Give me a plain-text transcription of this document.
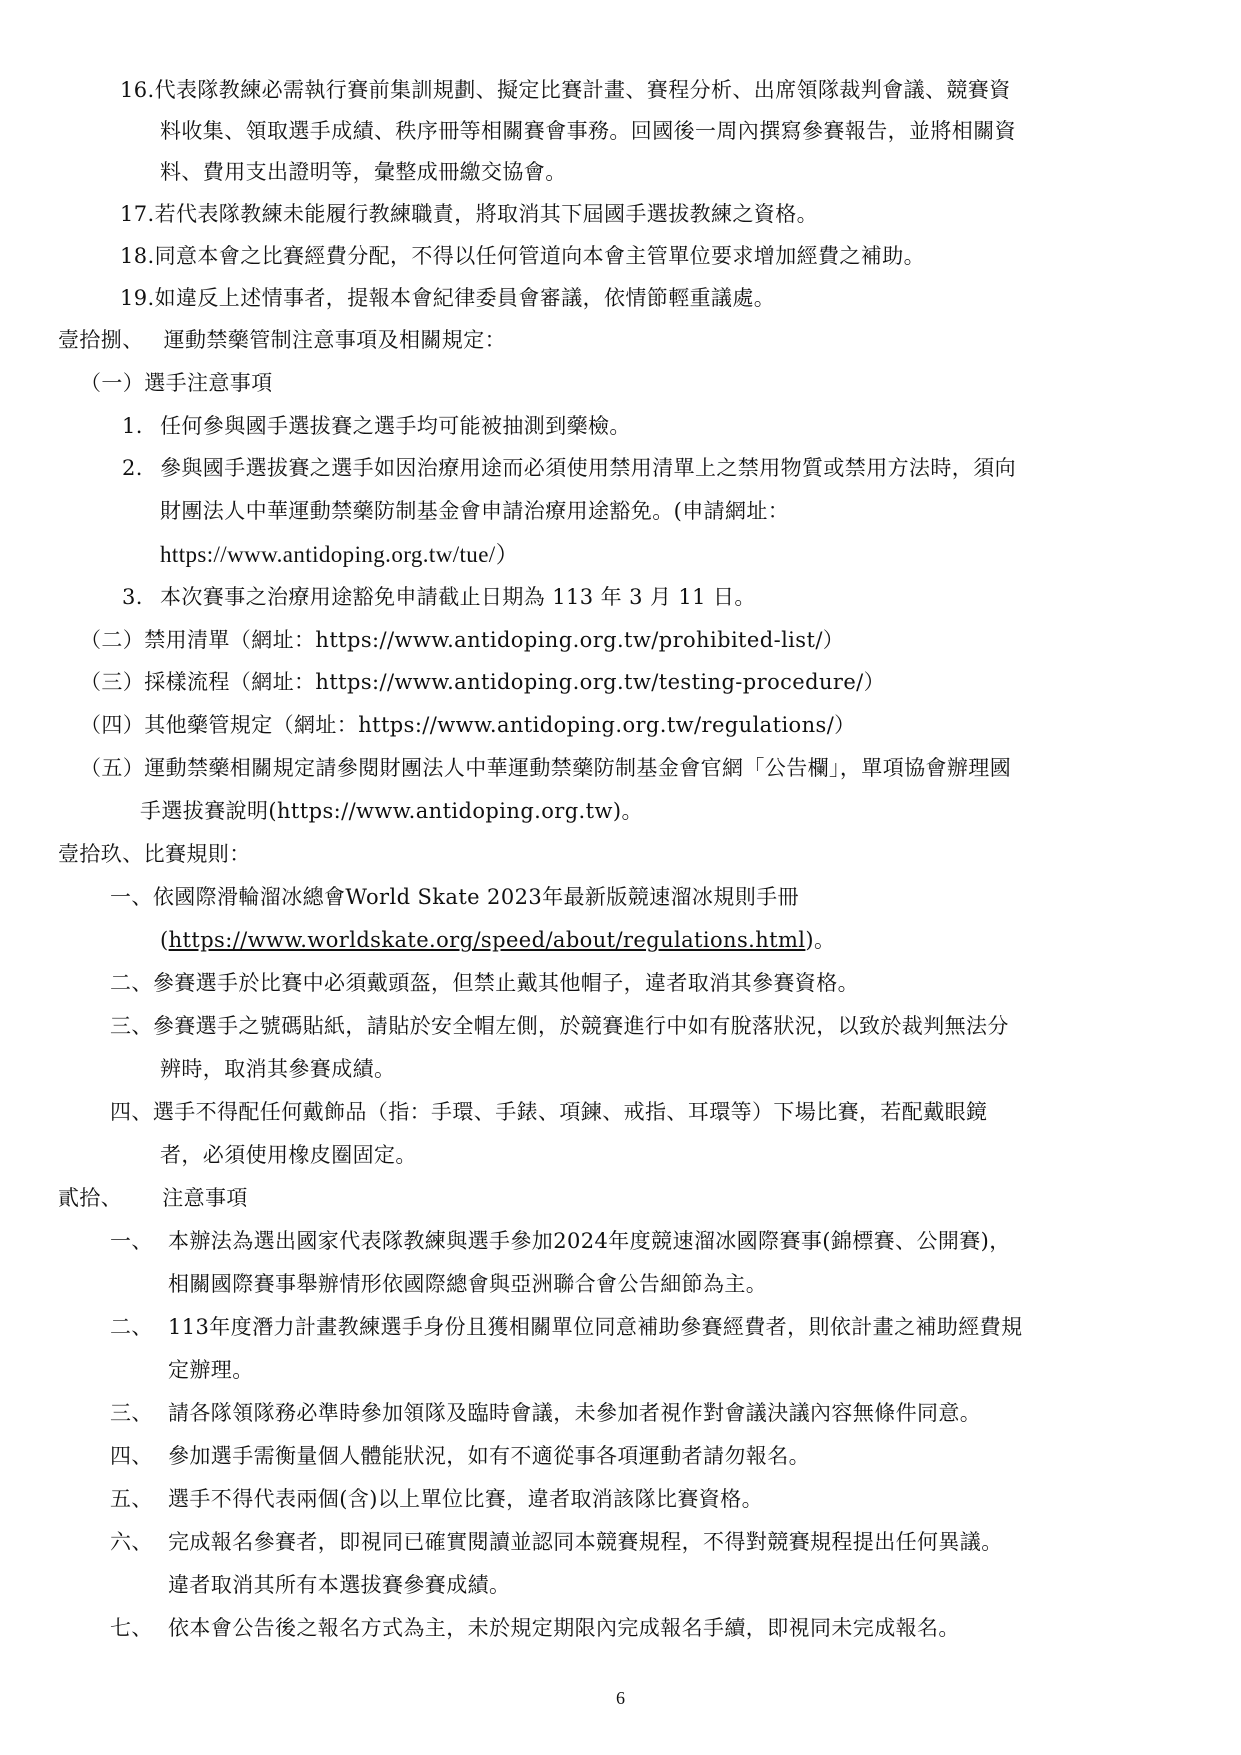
16.代表隊教練必需執行賽前集訓規劃、擬定比賽計畫、賽程分析、出席領隊裁判會議、競賽資
料收集、領取選手成績、秩序冊等相關賽會事務。回國後一周內撰寫參賽報告，並將相關資
料、費用支出證明等，彙整成冊繳交協會。
17.若代表隊教練未能履行教練職責，將取消其下屆國手選拔教練之資格。
18.同意本會之比賽經費分配，不得以任何管道向本會主管單位要求增加經費之補助。
19.如違反上述情事者，提報本會紀律委員會審議，依情節輕重議處。
壹拾捌、 運動禁藥管制注意事項及相關規定：
（一）選手注意事項
1. 任何參與國手選拔賽之選手均可能被抽測到藥檢。
2. 參與國手選拔賽之選手如因治療用途而必須使用禁用清單上之禁用物質或禁用方法時，須向
財團法人中華運動禁藥防制基金會申請治療用途豁免。(申請網址：
https://www.antidoping.org.tw/tue/）
3. 本次賽事之治療用途豁免申請截止日期為 113 年 3 月 11 日。
（二）禁用清單（網址：https://www.antidoping.org.tw/prohibited-list/）
（三）採樣流程（網址：https://www.antidoping.org.tw/testing-procedure/）
（四）其他藥管規定（網址：https://www.antidoping.org.tw/regulations/）
（五）運動禁藥相關規定請參閱財團法人中華運動禁藥防制基金會官網「公告欄」，單項協會辦理國
手選拔賽說明(https://www.antidoping.org.tw)。
壹拾玖、比賽規則：
一、依國際滑輪溜冰總會World Skate 2023年最新版競速溜冰規則手冊
(https://www.worldskate.org/speed/about/regulations.html)。
二、參賽選手於比賽中必須戴頭盔，但禁止戴其他帽子，違者取消其參賽資格。
三、參賽選手之號碼貼紙，請貼於安全帽左側，於競賽進行中如有脫落狀況，以致於裁判無法分
辨時，取消其參賽成績。
四、選手不得配任何戴飾品（指：手環、手錶、項鍊、戒指、耳環等）下場比賽，若配戴眼鏡
者，必須使用橡皮圈固定。
貳拾、 注意事項
一、 本辦法為選出國家代表隊教練與選手參加2024年度競速溜冰國際賽事(錦標賽、公開賽)，
相關國際賽事舉辦情形依國際總會與亞洲聯合會公告細節為主。
二、 113年度潛力計畫教練選手身份且獲相關單位同意補助參賽經費者，則依計畫之補助經費規
定辦理。
三、 請各隊領隊務必準時參加領隊及臨時會議，未參加者視作對會議決議內容無條件同意。
四、 參加選手需衡量個人體能狀況，如有不適從事各項運動者請勿報名。
五、 選手不得代表兩個(含)以上單位比賽，違者取消該隊比賽資格。
六、 完成報名參賽者，即視同已確實閱讀並認同本競賽規程，不得對競賽規程提出任何異議。
違者取消其所有本選拔賽參賽成績。
七、 依本會公告後之報名方式為主，未於規定期限內完成報名手續，即視同未完成報名。
6
